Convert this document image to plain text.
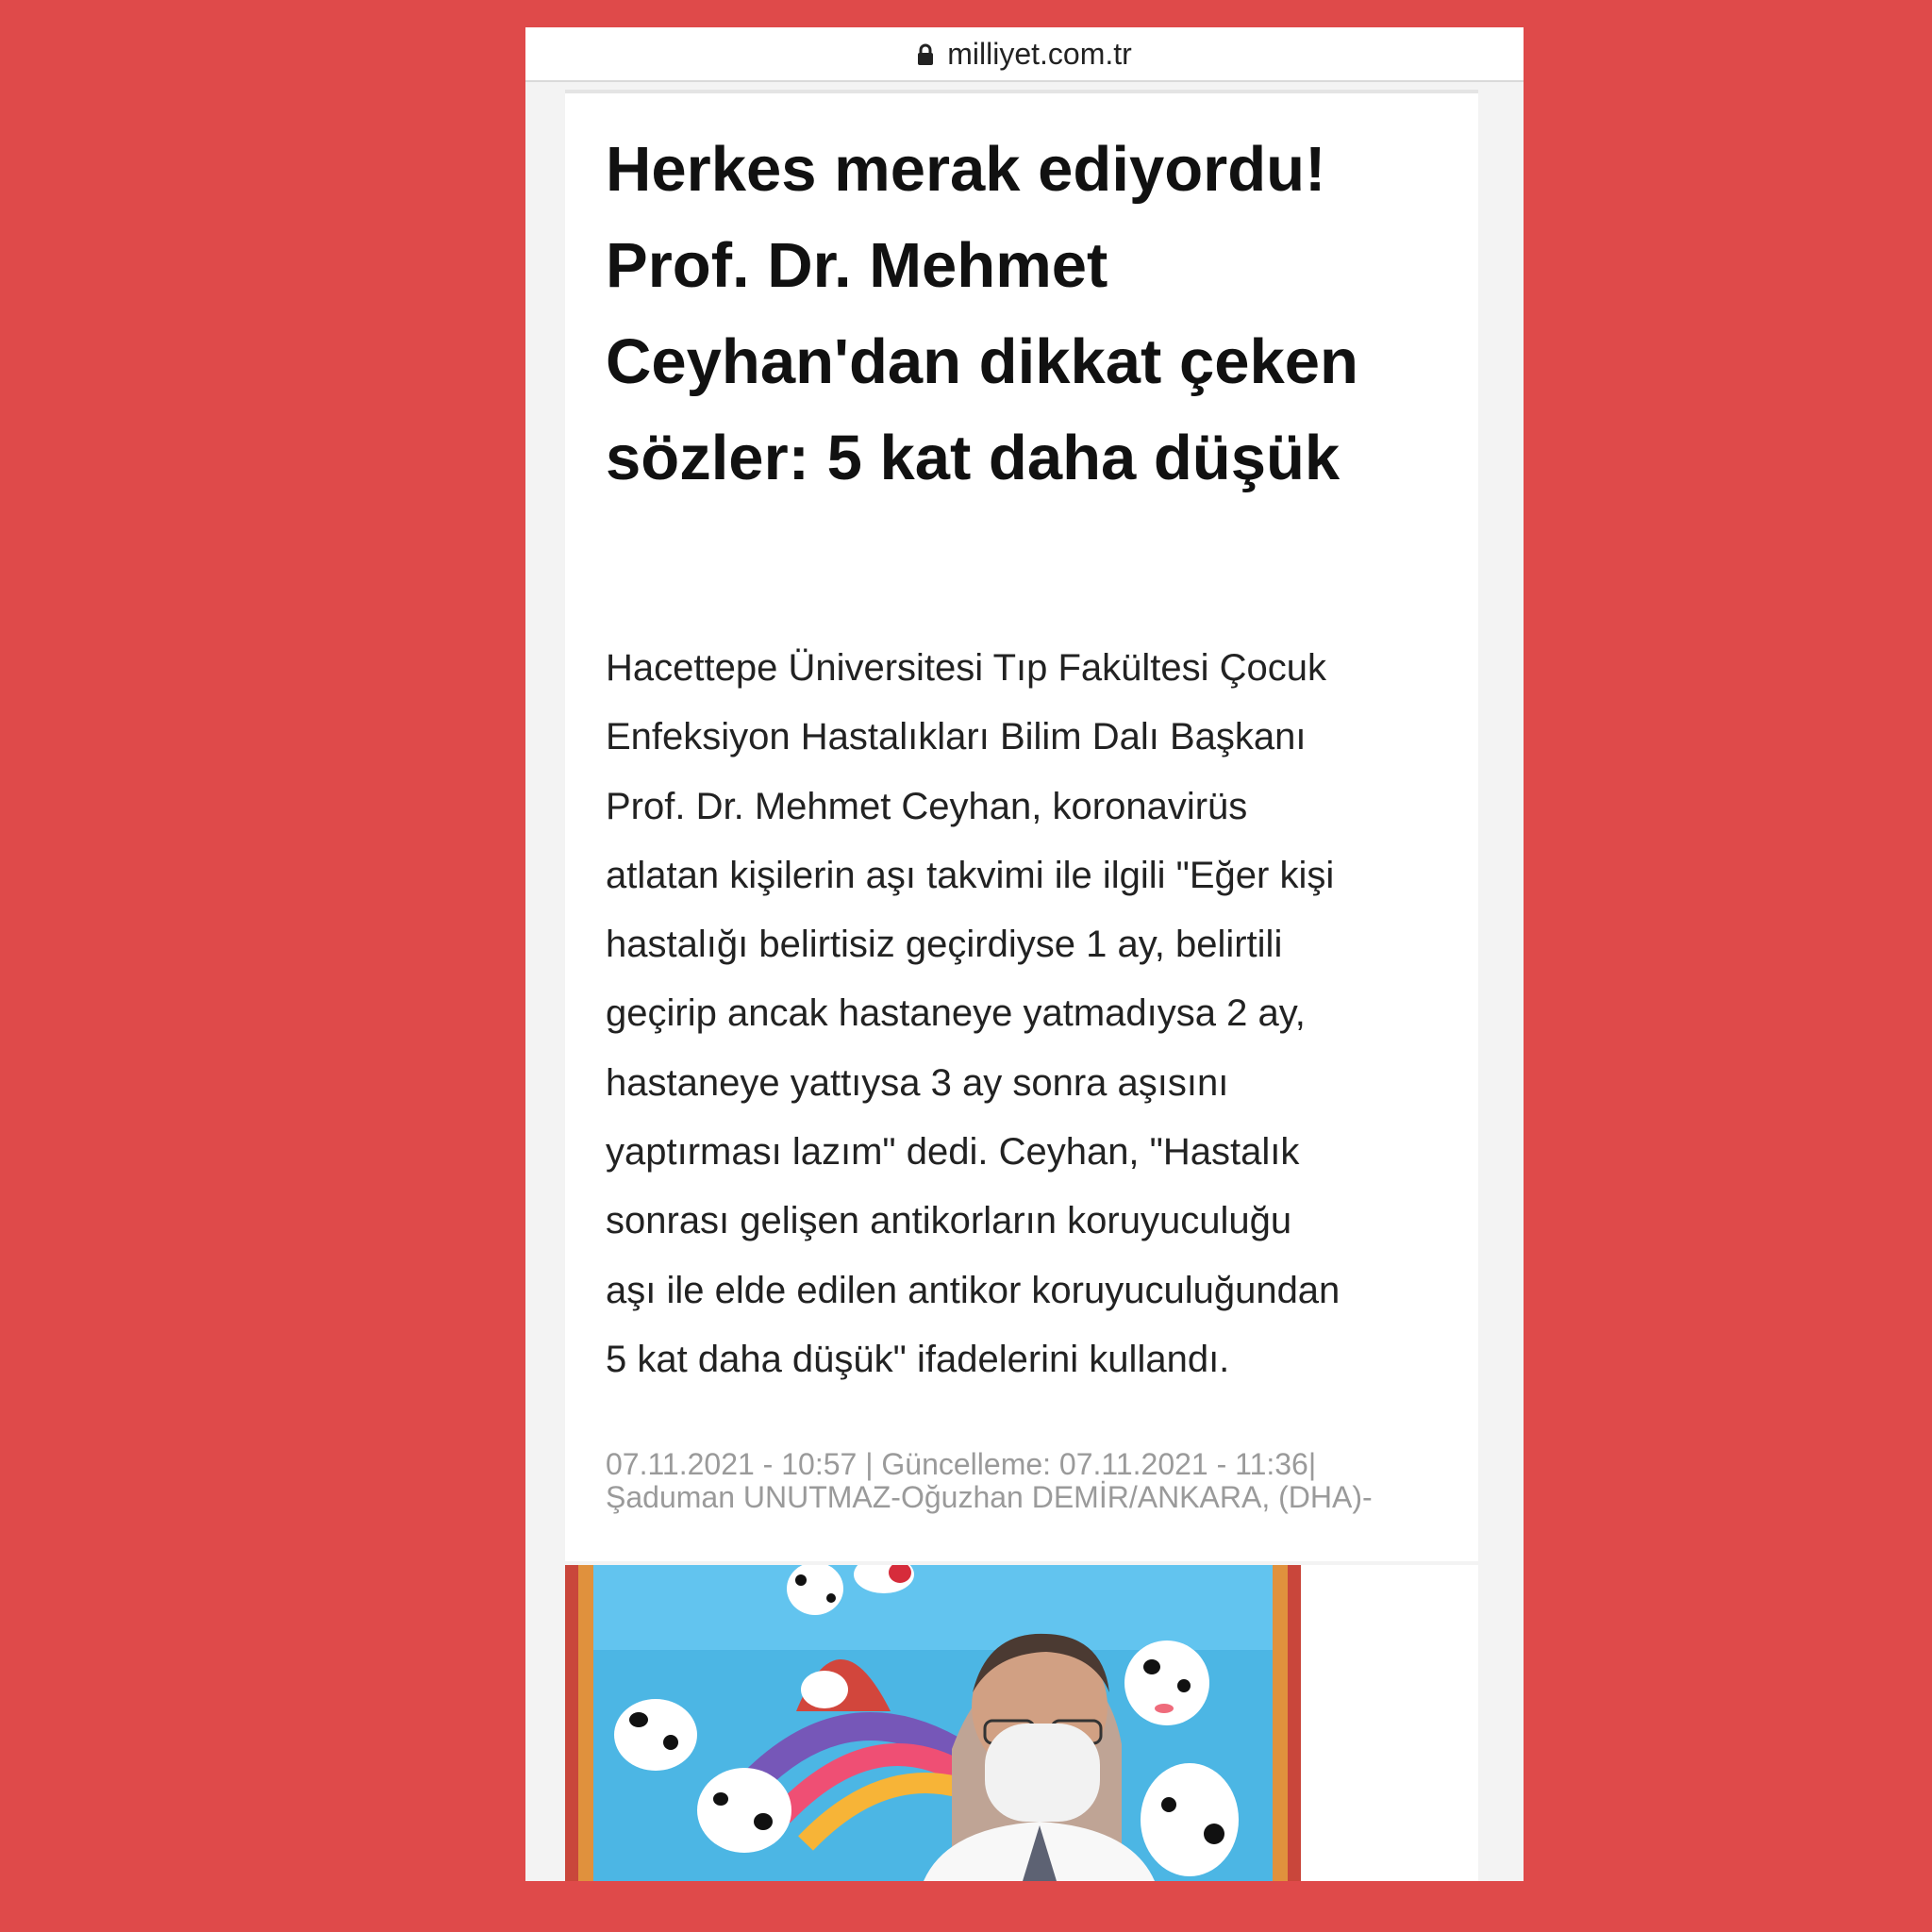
milliyet.com.tr
Herkes merak ediyordu! Prof. Dr. Mehmet Ceyhan'dan dikkat çeken sözler: 5 kat daha düşük

Hacettepe Üniversitesi Tıp Fakültesi Çocuk
Enfeksiyon Hastalıkları Bilim Dalı Başkanı
Prof. Dr. Mehmet Ceyhan, koronavirüs
atlatan kişilerin aşı takvimi ile ilgili "Eğer kişi
hastalığı belirtisiz geçirdiyse 1 ay, belirtili
geçirip ancak hastaneye yatmadıysa 2 ay,
hastaneye yattıysa 3 ay sonra aşısını
yaptırması lazım" dedi. Ceyhan, "Hastalık
sonrası gelişen antikorların koruyuculuğu
aşı ile elde edilen antikor koruyuculuğundan
5 kat daha düşük" ifadelerini kullandı.

07.11.2021 - 10:57 | Güncelleme: 07.11.2021 - 11:36|
Şaduman UNUTMAZ-Oğuzhan DEMİR/ANKARA, (DHA)-
